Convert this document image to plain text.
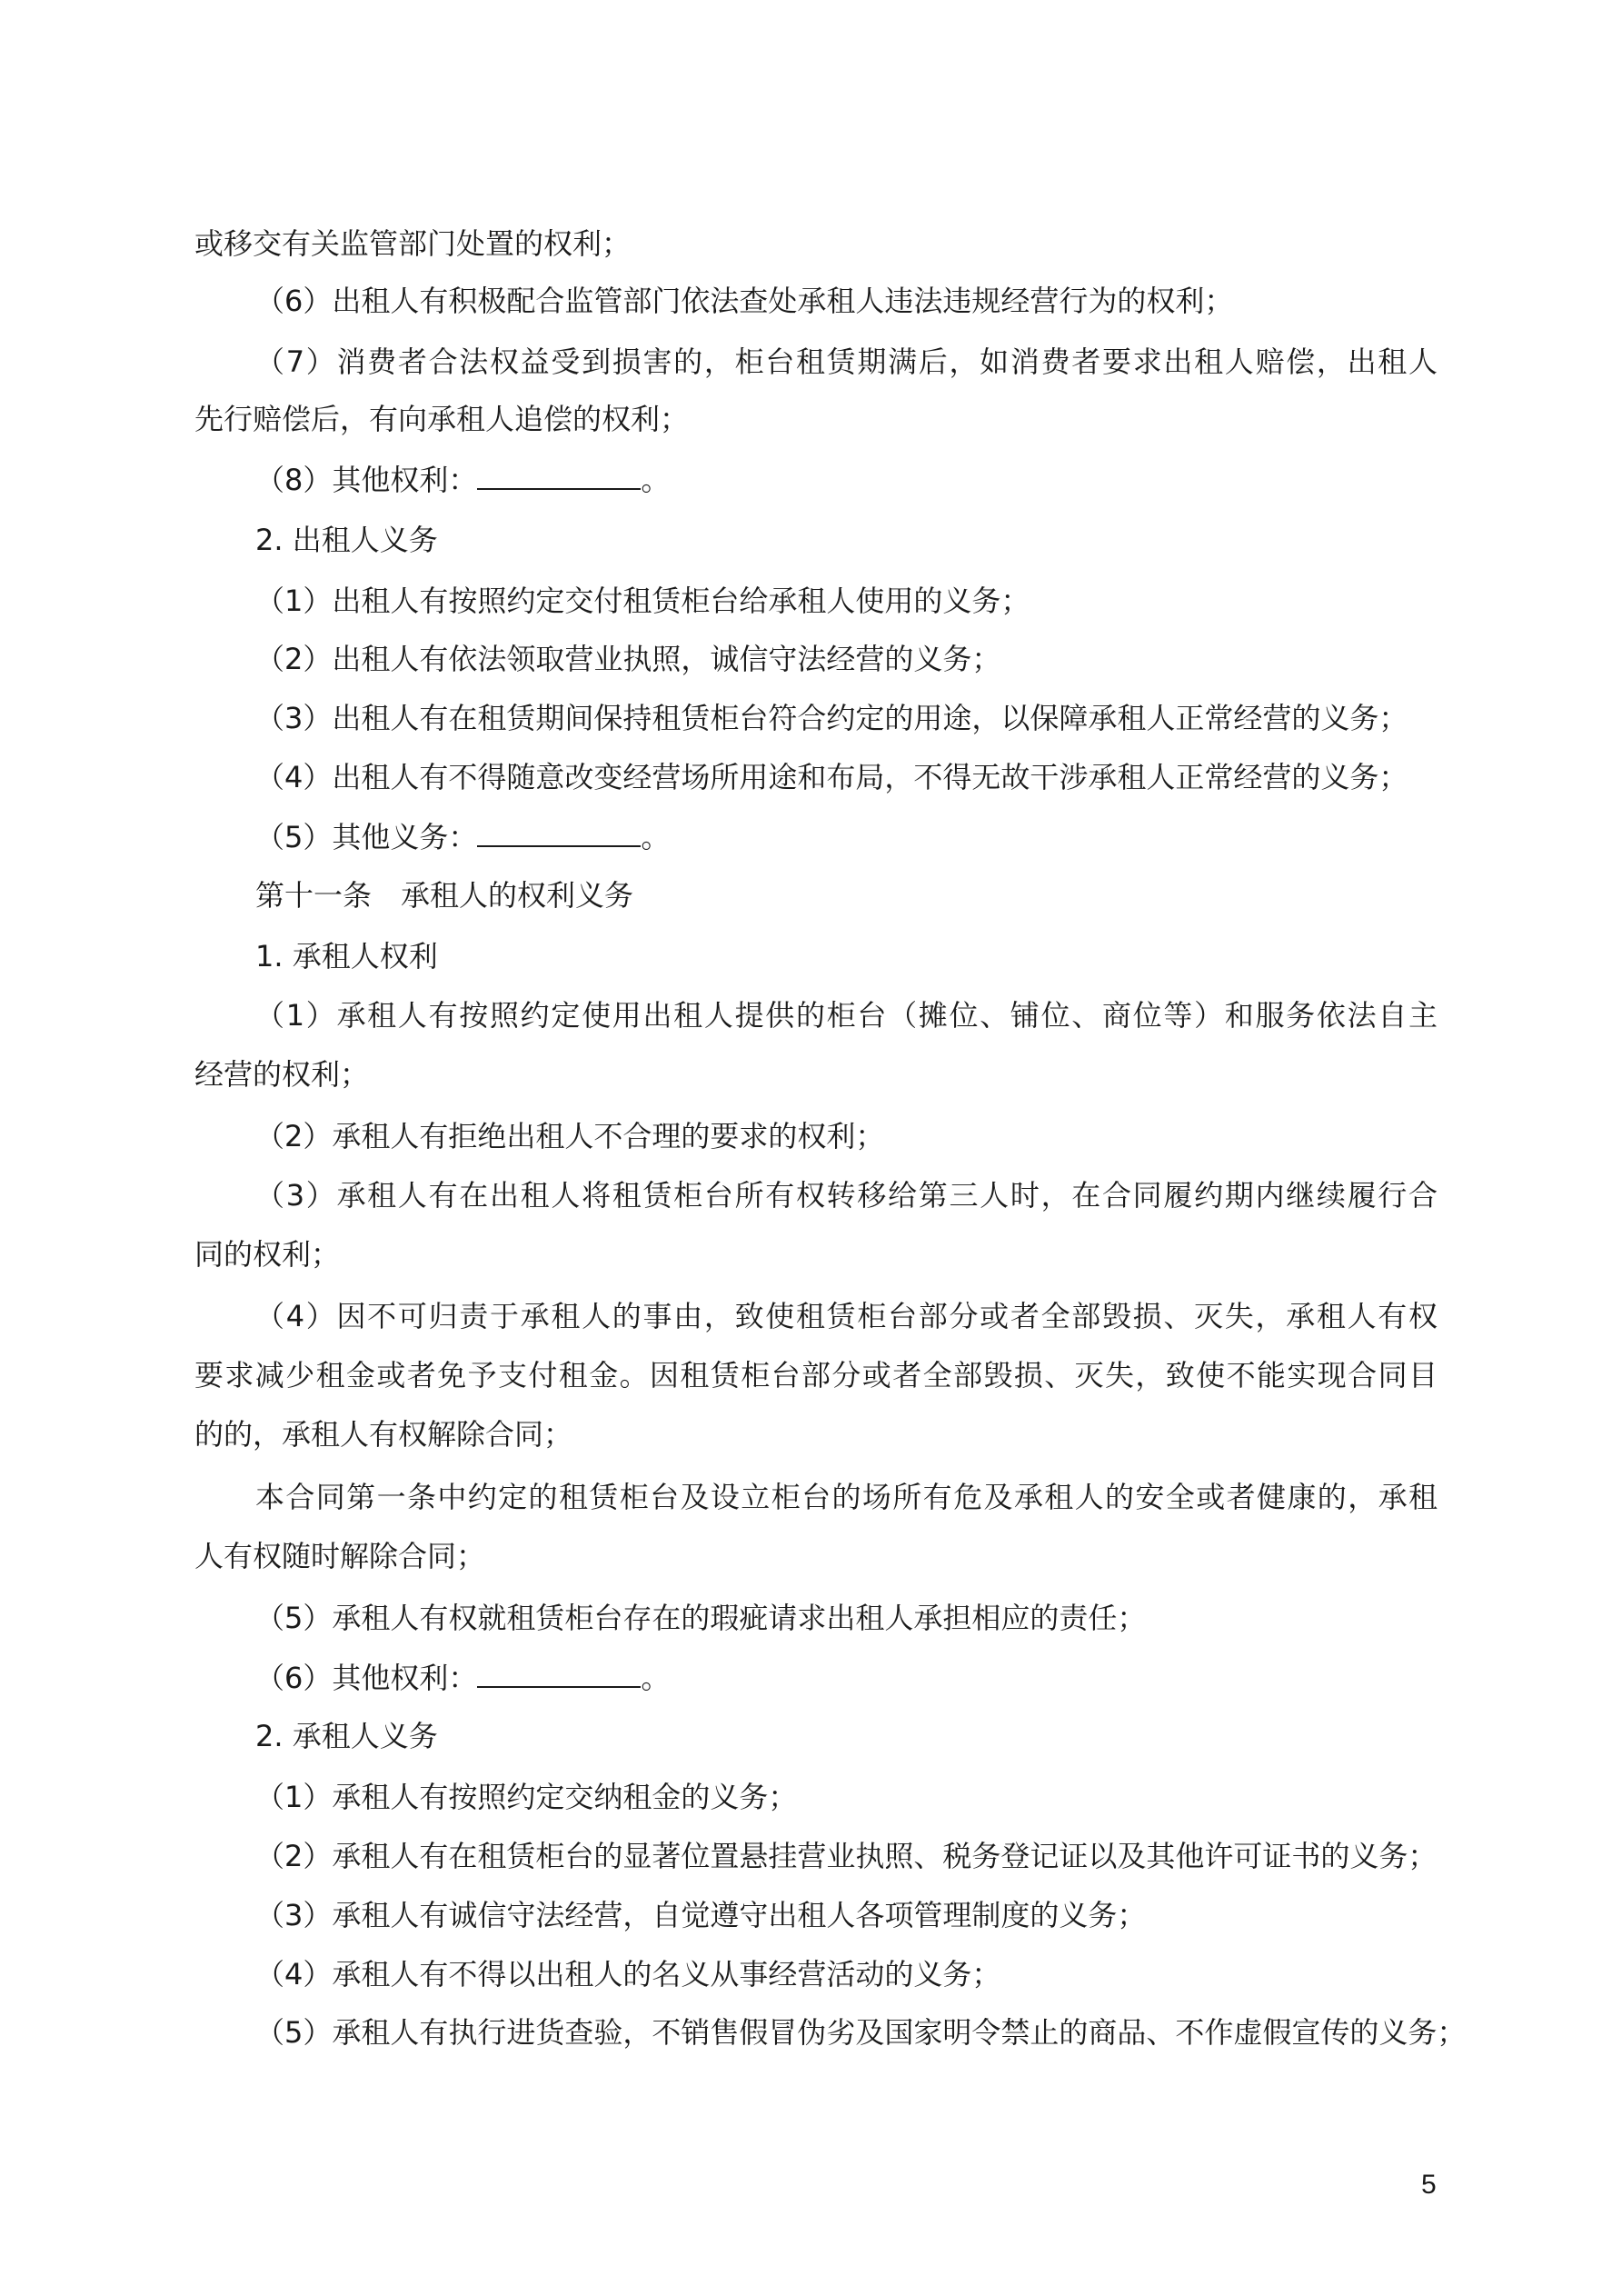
或移交有关监管部门处置的权利；
（6）出租人有积极配合监管部门依法查处承租人违法违规经营行为的权利；
（7）消费者合法权益受到损害的，柜台租赁期满后，如消费者要求出租人赔偿，出租人
先行赔偿后，有向承租人追偿的权利；
（8）其他权利：	。
2. 出租人义务
（1）出租人有按照约定交付租赁柜台给承租人使用的义务；
（2）出租人有依法领取营业执照，诚信守法经营的义务；
（3）出租人有在租赁期间保持租赁柜台符合约定的用途，以保障承租人正常经营的义务；
（4）出租人有不得随意改变经营场所用途和布局，不得无故干涉承租人正常经营的义务；
（5）其他义务：	。
第十一条　承租人的权利义务
1. 承租人权利
（1）承租人有按照约定使用出租人提供的柜台（摊位、铺位、商位等）和服务依法自主
经营的权利；
（2）承租人有拒绝出租人不合理的要求的权利；
（3）承租人有在出租人将租赁柜台所有权转移给第三人时，在合同履约期内继续履行合
同的权利；
（4）因不可归责于承租人的事由，致使租赁柜台部分或者全部毁损、灭失，承租人有权
要求减少租金或者免予支付租金。因租赁柜台部分或者全部毁损、灭失，致使不能实现合同目
的的，承租人有权解除合同；
本合同第一条中约定的租赁柜台及设立柜台的场所有危及承租人的安全或者健康的，承租
人有权随时解除合同；
（5）承租人有权就租赁柜台存在的瑕疵请求出租人承担相应的责任；
（6）其他权利：	。
2. 承租人义务
（1）承租人有按照约定交纳租金的义务；
（2）承租人有在租赁柜台的显著位置悬挂营业执照、税务登记证以及其他许可证书的义务；
（3）承租人有诚信守法经营，自觉遵守出租人各项管理制度的义务；
（4）承租人有不得以出租人的名义从事经营活动的义务；
（5）承租人有执行进货查验，不销售假冒伪劣及国家明令禁止的商品、不作虚假宣传的义务；
5
